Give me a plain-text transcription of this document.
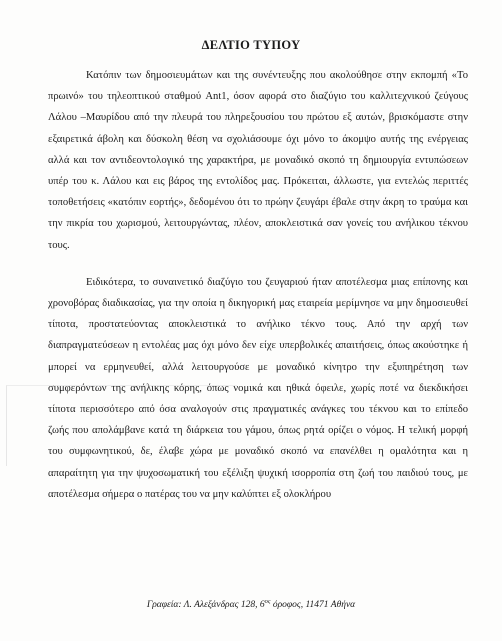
ΔΕΛΤΙΟ ΤΥΠΟΥ

Κατόπιν των δημοσιευμάτων και της συνέντευξης που ακολούθησε στην εκπομπή «Το πρωινό» του τηλεοπτικού σταθμού Ant1, όσον αφορά στο διαζύγιο του καλλιτεχνικού ζεύγους Λάλου –Μαυρίδου από την πλευρά του πληρεξουσίου του πρώτου εξ αυτών, βρισκόμαστε στην εξαιρετικά άβολη και δύσκολη θέση να σχολιάσουμε όχι μόνο το άκομψο αυτής της ενέργειας αλλά και τον αντιδεοντολογικό της χαρακτήρα, με μοναδικό σκοπό τη δημιουργία εντυπώσεων υπέρ του κ. Λάλου και εις βάρος της εντολίδος μας. Πρόκειται, άλλωστε, για εντελώς περιττές τοποθετήσεις «κατόπιν εορτής», δεδομένου ότι το πρώην ζευγάρι έβαλε στην άκρη το τραύμα και την πικρία του χωρισμού, λειτουργώντας, πλέον, αποκλειστικά σαν γονείς του ανήλικου τέκνου τους.

Ειδικότερα, το συναινετικό διαζύγιο του ζευγαριού ήταν αποτέλεσμα μιας επίπονης και χρονοβόρας διαδικασίας, για την οποία η δικηγορική μας εταιρεία μερίμνησε να μην δημοσιευθεί τίποτα, προστατεύοντας αποκλειστικά το ανήλικο τέκνο τους. Από την αρχή των διαπραγματεύσεων η εντολέας μας όχι μόνο δεν είχε υπερβολικές απαιτήσεις, όπως ακούστηκε ή μπορεί να ερμηνευθεί, αλλά λειτουργούσε με μοναδικό κίνητρο την εξυπηρέτηση των συμφερόντων της ανήλικης κόρης, όπως νομικά και ηθικά όφειλε, χωρίς ποτέ να διεκδικήσει τίποτα περισσότερο από όσα αναλογούν στις πραγματικές ανάγκες του τέκνου και το επίπεδο ζωής που απολάμβανε κατά τη διάρκεια του γάμου, όπως ρητά ορίζει ο νόμος. Η τελική μορφή του συμφωνητικού, δε, έλαβε χώρα με μοναδικό σκοπό να επανέλθει η ομαλότητα και η απαραίτητη για την ψυχοσωματική του εξέλιξη ψυχική ισορροπία στη ζωή του παιδιού τους, με αποτέλεσμα σήμερα ο πατέρας του να μην καλύπτει εξ ολοκλήρου

Γραφεία: Λ. Αλεξάνδρας 128, $6^{o\varsigma}$ όροφος, 11471 Αθήνα
